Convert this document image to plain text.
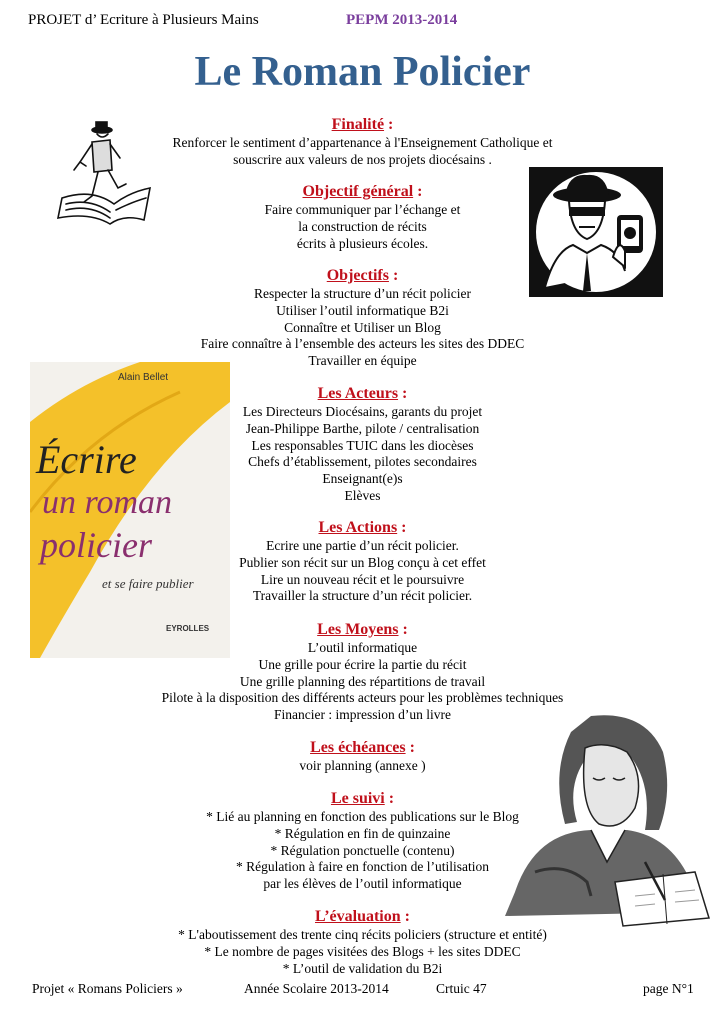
PROJET d’ Ecriture à Plusieurs Mains	PEPM 2013-2014
Le Roman Policier
Alain Bellet
Écrire
un roman
policier
et se faire publier
EYROLLES
Finalité :
Renforcer le sentiment d’appartenance à l'Enseignement Catholique et
souscrire aux valeurs de nos projets diocésains .
Objectif général :
Faire communiquer par l’échange et
la construction de récits
écrits à plusieurs écoles.
Objectifs :
Respecter la structure d’un récit policier
Utiliser l’outil informatique B2i
Connaître et Utiliser un Blog
Faire connaître à l’ensemble des acteurs les sites des DDEC
Travailler en équipe
Les Acteurs :
Les Directeurs Diocésains, garants du projet
Jean-Philippe Barthe, pilote / centralisation
Les responsables TUIC dans les diocèses
Chefs d’établissement, pilotes secondaires
Enseignant(e)s
Elèves
Les Actions :
Ecrire une partie d’un récit policier.
Publier son récit sur un Blog conçu à cet effet
Lire un nouveau récit et le poursuivre
Travailler la structure d’un récit policier.
Les Moyens :
L’outil informatique
Une grille pour écrire la partie du récit
Une grille planning des répartitions de travail
Pilote à la disposition des différents acteurs pour les problèmes techniques
Financier : impression d’un livre
Les échéances :
voir planning (annexe )
Le suivi :
* Lié au planning en fonction des publications sur le Blog
* Régulation en fin de quinzaine
* Régulation ponctuelle (contenu)
* Régulation à faire en fonction de l’utilisation
par les élèves de l’outil informatique
L’évaluation :
* L'aboutissement des trente cinq récits policiers (structure et entité)
* Le nombre de pages visitées des Blogs + les sites DDEC
* L’outil de validation du B2i
Projet « Romans Policiers »	Année Scolaire 2013-2014	Crtuic 47	page N°1
